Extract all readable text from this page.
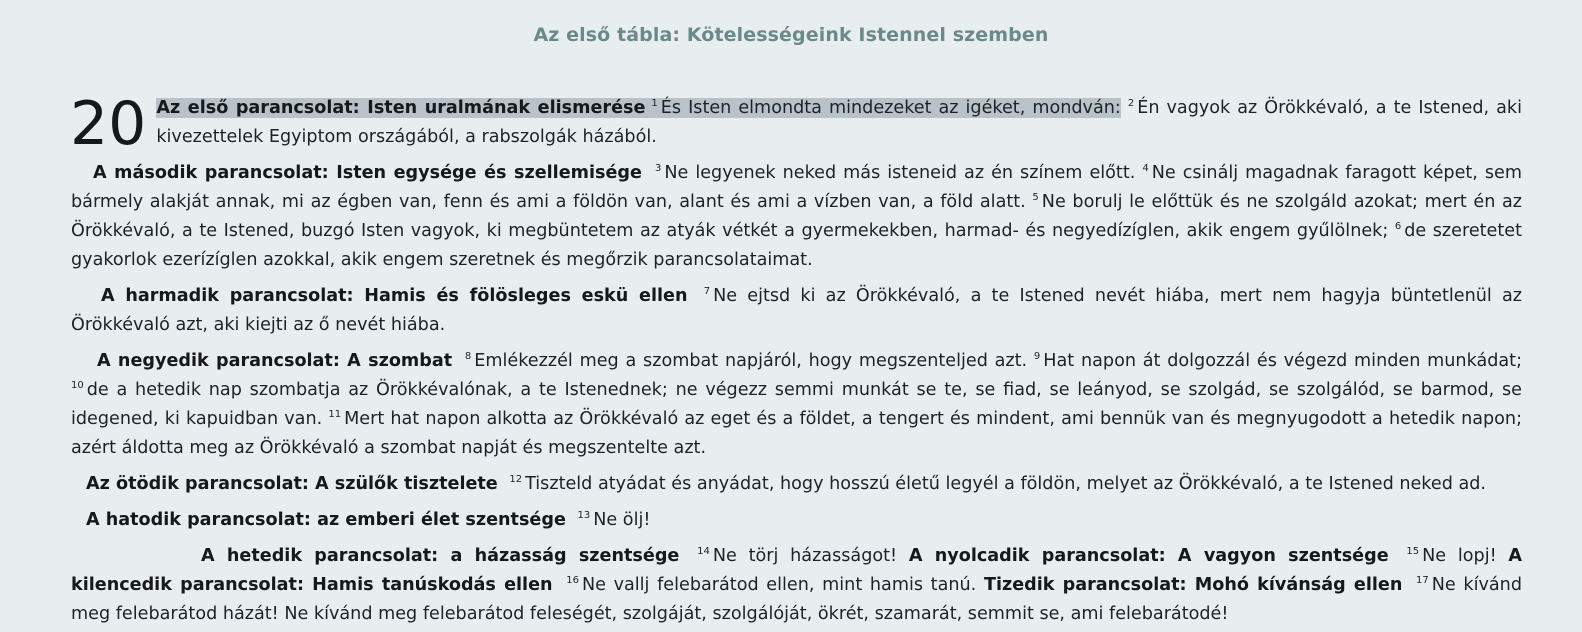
Az első tábla: Kötelességeink Istennel szemben

20 Az első parancsolat: Isten uralmának elismerése $^1$ És Isten elmondta mindezeket az igéket, mondván: $^2$ Én vagyok az Örökkévaló, a te Istened, aki kivezettelek Egyiptom országából, a rabszolgák házából.

A második parancsolat: Isten egysége és szellemisége $^3$ Ne legyenek neked más isteneid az én színem előtt. $^4$ Ne csinálj magadnak faragott képet, sem bármely alakját annak, mi az égben van, fenn és ami a földön van, alant és ami a vízben van, a föld alatt. $^5$ Ne borulj le előttük és ne szolgáld azokat; mert én az Örökkévaló, a te Istened, buzgó Isten vagyok, ki megbüntetem az atyák vétkét a gyermekekben, harmad- és negyedízíglen, akik engem gyűlölnek; $^6$ de szeretetet gyakorlok ezerízíglen azokkal, akik engem szeretnek és megőrzik parancsolataimat.

A harmadik parancsolat: Hamis és fölösleges eskü ellen $^7$ Ne ejtsd ki az Örökkévaló, a te Istened nevét hiába, mert nem hagyja büntetlenül az Örökkévaló azt, aki kiejti az ő nevét hiába.

A negyedik parancsolat: A szombat $^8$ Emlékezzél meg a szombat napjáról, hogy megszenteljed azt. $^9$ Hat napon át dolgozzál és végezd minden munkádat; $^{10}$ de a hetedik nap szombatja az Örökkévalónak, a te Istenednek; ne végezz semmi munkát se te, se fiad, se leányod, se szolgád, se szolgálód, se barmod, se idegened, ki kapuidban van. $^{11}$ Mert hat napon alkotta az Örökkévaló az eget és a földet, a tengert és mindent, ami bennük van és megnyugodott a hetedik napon; azért áldotta meg az Örökkévaló a szombat napját és megszentelte azt.

Az ötödik parancsolat: A szülők tisztelete $^{12}$ Tiszteld atyádat és anyádat, hogy hosszú életű legyél a földön, melyet az Örökkévaló, a te Istened neked ad.

A hatodik parancsolat: az emberi élet szentsége $^{13}$ Ne ölj!

A hetedik parancsolat: a házasság szentsége $^{14}$ Ne törj házasságot! A nyolcadik parancsolat: A vagyon szentsége $^{15}$ Ne lopj! A kilencedik parancsolat: Hamis tanúskodás ellen $^{16}$ Ne vallj felebarátod ellen, mint hamis tanú. Tizedik parancsolat: Mohó kívánság ellen $^{17}$ Ne kívánd meg felebarátod házát! Ne kívánd meg felebarátod feleségét, szolgáját, szolgálóját, ökrét, szamarát, semmit se, ami felebarátodé!
